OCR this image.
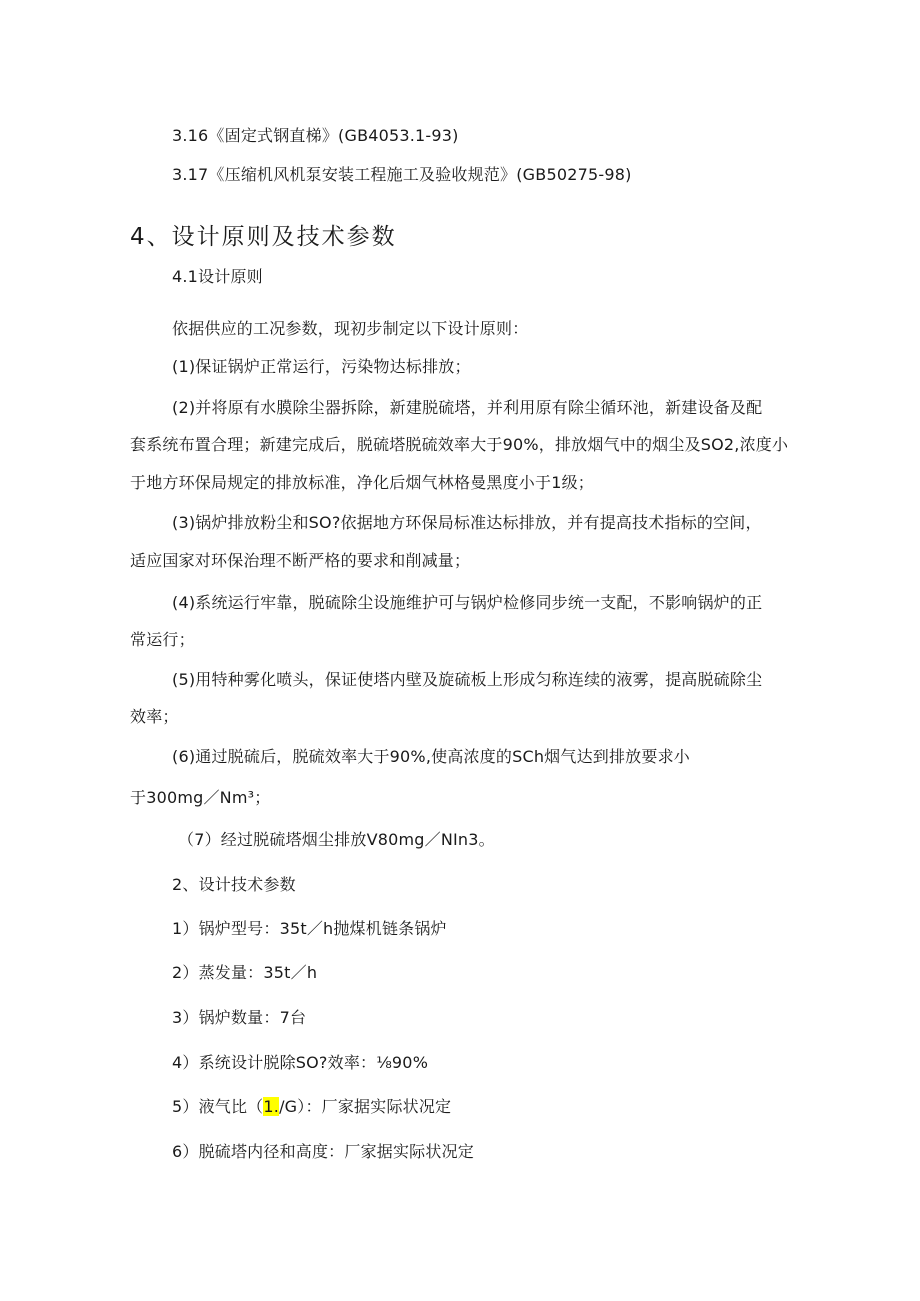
3.16《固定式钢直梯》(GB4053.1-93)
3.17《压缩机风机泵安装工程施工及验收规范》(GB50275-98)
4、设计原则及技术参数
4.1设计原则
依据供应的工况参数，现初步制定以下设计原则：
(1)保证锅炉正常运行，污染物达标排放；
(2)并将原有水膜除尘器拆除，新建脱硫塔，并利用原有除尘循环池，新建设备及配
套系统布置合理；新建完成后，脱硫塔脱硫效率大于90%，排放烟气中的烟尘及SO2,浓度小
于地方环保局规定的排放标准，净化后烟气林格曼黑度小于1级；
(3)锅炉排放粉尘和SO?依据地方环保局标准达标排放，并有提高技术指标的空间，
适应国家对环保治理不断严格的要求和削减量；
(4)系统运行牢靠，脱硫除尘设施维护可与锅炉检修同步统一支配，不影响锅炉的正
常运行；
(5)用特种雾化喷头，保证使塔内壁及旋硫板上形成匀称连续的液雾，提高脱硫除尘
效率；
(6)通过脱硫后，脱硫效率大于90%,使高浓度的SCh烟气达到排放要求小
于300mg／Nm³；
（7）经过脱硫塔烟尘排放V80mg／NIn3。
2、设计技术参数
1）锅炉型号：35t／h抛煤机链条锅炉
2）蒸发量：35t／h
3）锅炉数量：7台
4）系统设计脱除SO?效率：⅛90%
5）液气比（1./G）：厂家据实际状况定
6）脱硫塔内径和高度：厂家据实际状况定
